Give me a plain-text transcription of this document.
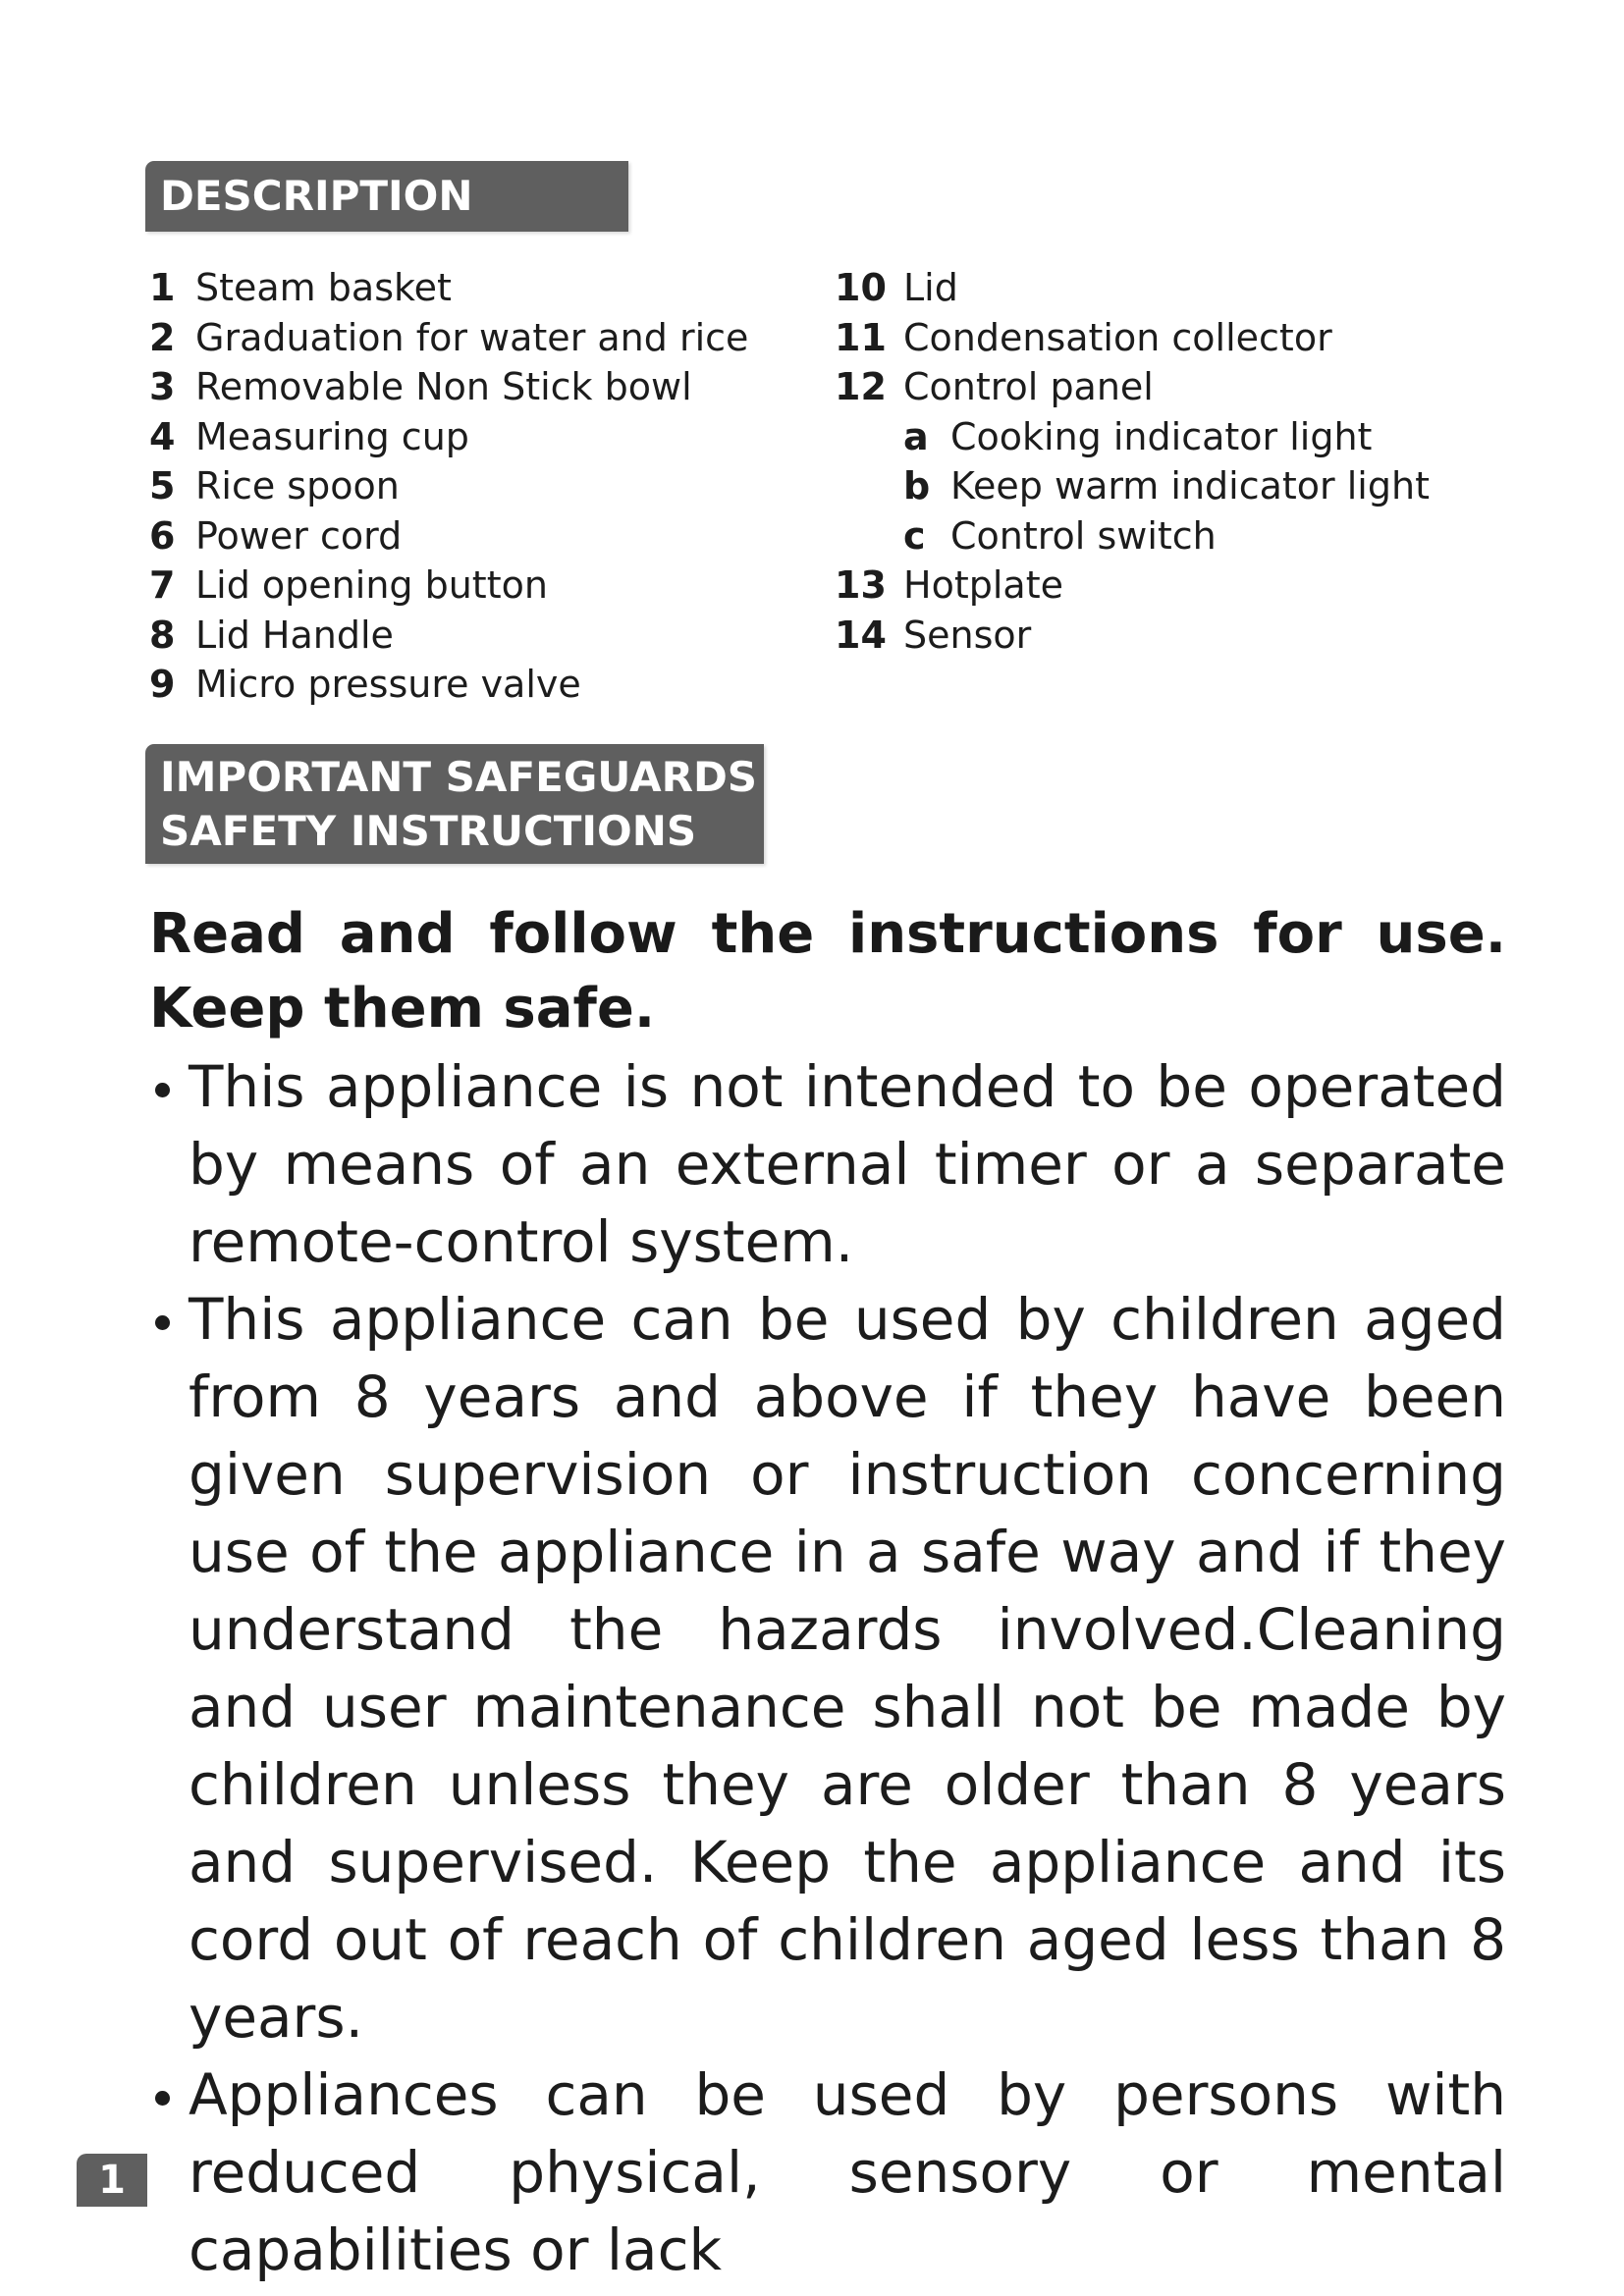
DESCRIPTION
1 Steam basket
2 Graduation for water and rice
3 Removable Non Stick bowl
4 Measuring cup
5 Rice spoon
6 Power cord
7 Lid opening button
8 Lid Handle
9 Micro pressure valve
10 Lid
11 Condensation collector
12 Control panel
a Cooking indicator light
b Keep warm indicator light
c Control switch
13 Hotplate
14 Sensor
IMPORTANT SAFEGUARDS
SAFETY INSTRUCTIONS
Read and follow the instructions for use. Keep them safe.
This appliance is not intended to be operated by means of an external timer or a separate remote-control system.
This appliance can be used by children aged from 8 years and above if they have been given supervision or instruction concerning use of the appliance in a safe way and if they understand the hazards involved.Cleaning and user maintenance shall not be made by children unless they are older than 8 years and supervised. Keep the appliance and its cord out of reach of children aged less than 8 years.
Appliances can be used by persons with reduced physical, sensory or mental capabilities or lack
1
